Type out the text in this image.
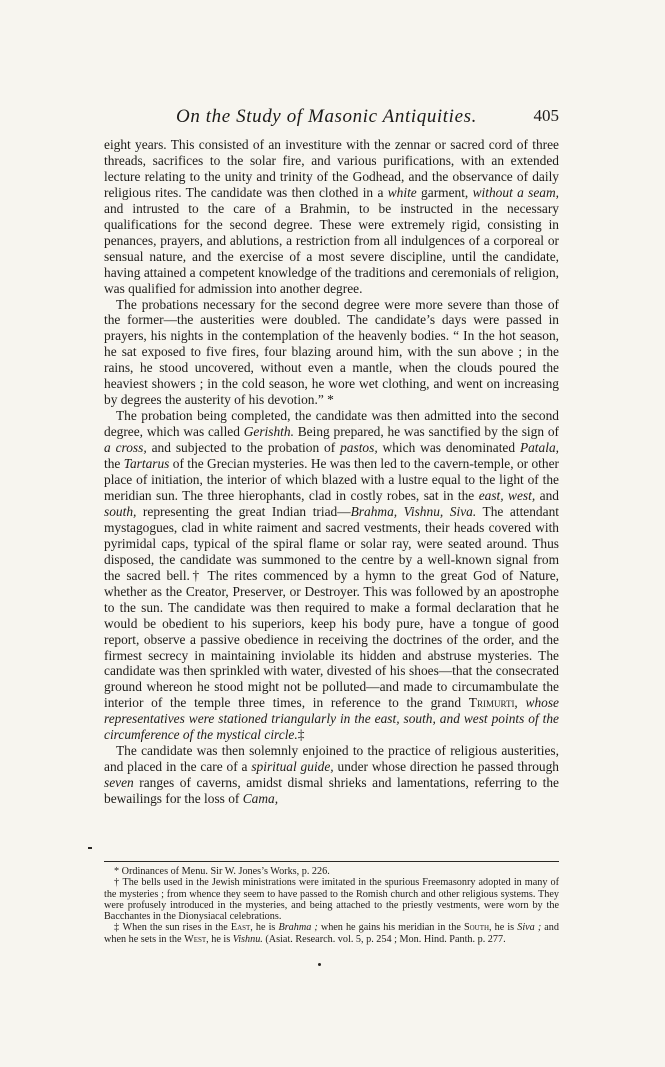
On the Study of Masonic Antiquities.	405

eight years. This consisted of an investiture with the zennar or sacred cord of three threads, sacrifices to the solar fire, and various purifications, with an extended lecture relating to the unity and trinity of the Godhead, and the observance of daily religious rites. The candidate was then clothed in a white garment, without a seam, and intrusted to the care of a Brahmin, to be instructed in the necessary qualifications for the second degree. These were extremely rigid, consisting in penances, prayers, and ablutions, a restriction from all indulgences of a corporeal or sensual nature, and the exercise of a most severe discipline, until the candidate, having attained a competent knowledge of the traditions and ceremonials of religion, was qualified for admission into another degree.

The probations necessary for the second degree were more severe than those of the former—the austerities were doubled. The candidate’s days were passed in prayers, his nights in the contemplation of the heavenly bodies. “ In the hot season, he sat exposed to five fires, four blazing around him, with the sun above ; in the rains, he stood uncovered, without even a mantle, when the clouds poured the heaviest showers ; in the cold season, he wore wet clothing, and went on increasing by degrees the austerity of his devotion.” *

The probation being completed, the candidate was then admitted into the second degree, which was called Gerishth. Being prepared, he was sanctified by the sign of a cross, and subjected to the probation of pastos, which was denominated Patala, the Tartarus of the Grecian mysteries. He was then led to the cavern-temple, or other place of initiation, the interior of which blazed with a lustre equal to the light of the meridian sun. The three hierophants, clad in costly robes, sat in the east, west, and south, representing the great Indian triad—Brahma, Vishnu, Siva. The attendant mystagogues, clad in white raiment and sacred vestments, their heads covered with pyrimidal caps, typical of the spiral flame or solar ray, were seated around. Thus disposed, the candidate was summoned to the centre by a well-known signal from the sacred bell.† The rites commenced by a hymn to the great God of Nature, whether as the Creator, Preserver, or Destroyer. This was followed by an apostrophe to the sun. The candidate was then required to make a formal declaration that he would be obedient to his superiors, keep his body pure, have a tongue of good report, observe a passive obedience in receiving the doctrines of the order, and the firmest secrecy in maintaining inviolable its hidden and abstruse mysteries. The candidate was then sprinkled with water, divested of his shoes—that the consecrated ground whereon he stood might not be polluted—and made to circumambulate the interior of the temple three times, in reference to the grand Trimurti, whose representatives were stationed triangularly in the east, south, and west points of the circumference of the mystical circle.‡

The candidate was then solemnly enjoined to the practice of religious austerities, and placed in the care of a spiritual guide, under whose direction he passed through seven ranges of caverns, amidst dismal shrieks and lamentations, referring to the bewailings for the loss of Cama,

* Ordinances of Menu. Sir W. Jones’s Works, p. 226.

† The bells used in the Jewish ministrations were imitated in the spurious Freemasonry adopted in many of the mysteries ; from whence they seem to have passed to the Romish church and other religious systems. They were profusely introduced in the mysteries, and being attached to the priestly vestments, were worn by the Bacchantes in the Dionysiacal celebrations.

‡ When the sun rises in the East, he is Brahma ; when he gains his meridian in the South, he is Siva ; and when he sets in the West, he is Vishnu. (Asiat. Research. vol. 5, p. 254 ; Mon. Hind. Panth. p. 277.
